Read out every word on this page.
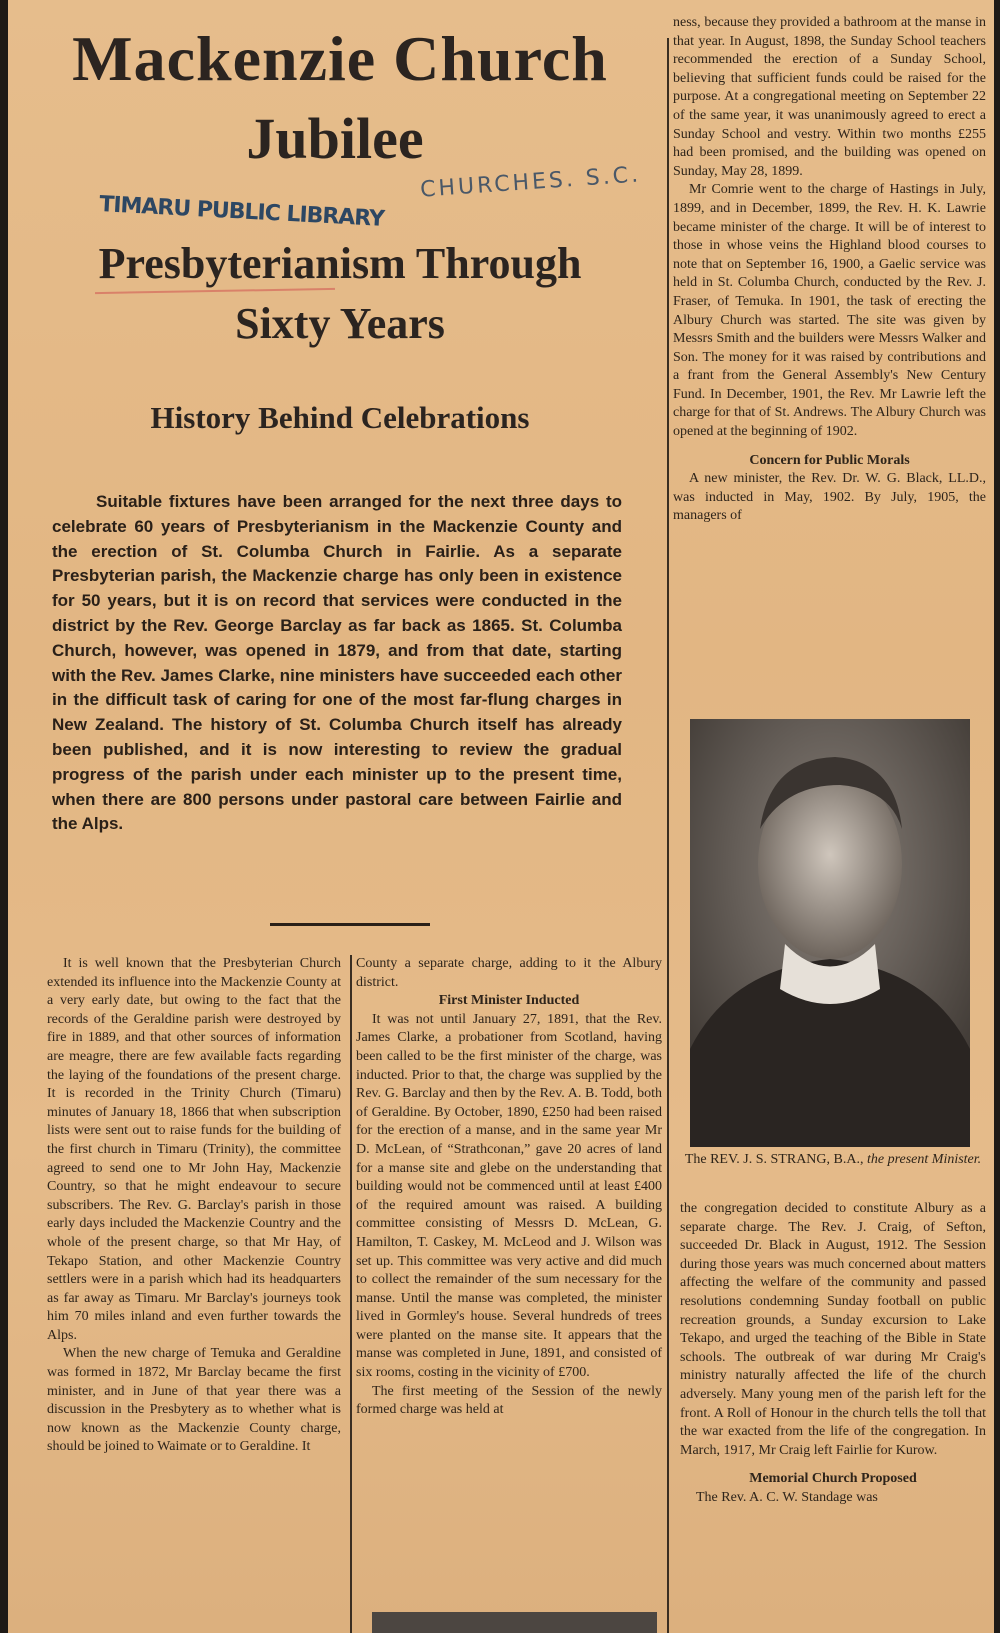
Mackenzie Church
Jubilee
TIMARU PUBLIC LIBRARY
CHURCHES. S.C.
Presbyterianism Through
Sixty Years
History Behind Celebrations
Suitable fixtures have been arranged for the next three days to celebrate 60 years of Presbyterianism in the Mackenzie County and the erection of St. Columba Church in Fairlie. As a separate Presbyterian parish, the Mackenzie charge has only been in existence for 50 years, but it is on record that services were conducted in the district by the Rev. George Barclay as far back as 1865. St. Columba Church, however, was opened in 1879, and from that date, starting with the Rev. James Clarke, nine ministers have succeeded each other in the difficult task of caring for one of the most far-flung charges in New Zealand. The history of St. Columba Church itself has already been published, and it is now interesting to review the gradual progress of the parish under each minister up to the present time, when there are 800 persons under pastoral care between Fairlie and the Alps.

It is well known that the Presbyterian Church extended its influence into the Mackenzie County at a very early date, but owing to the fact that the records of the Geraldine parish were destroyed by fire in 1889, and that other sources of information are meagre, there are few available facts regarding the laying of the foundations of the present charge. It is recorded in the Trinity Church (Timaru) minutes of January 18, 1866 that when subscription lists were sent out to raise funds for the building of the first church in Timaru (Trinity), the committee agreed to send one to Mr John Hay, Mackenzie Country, so that he might endeavour to secure subscribers. The Rev. G. Barclay's parish in those early days included the Mackenzie Country and the whole of the present charge, so that Mr Hay, of Tekapo Station, and other Mackenzie Country settlers were in a parish which had its headquarters as far away as Timaru. Mr Barclay's journeys took him 70 miles inland and even further towards the Alps.

When the new charge of Temuka and Geraldine was formed in 1872, Mr Barclay became the first minister, and in June of that year there was a discussion in the Presbytery as to whether what is now known as the Mackenzie County charge, should be joined to Waimate or to Geraldine. It

County a separate charge, adding to it the Albury district.

First Minister Inducted

It was not until January 27, 1891, that the Rev. James Clarke, a probationer from Scotland, having been called to be the first minister of the charge, was inducted. Prior to that, the charge was supplied by the Rev. G. Barclay and then by the Rev. A. B. Todd, both of Geraldine. By October, 1890, £250 had been raised for the erection of a manse, and in the same year Mr D. McLean, of “Strathconan,” gave 20 acres of land for a manse site and glebe on the understanding that building would not be commenced until at least £400 of the required amount was raised. A building committee consisting of Messrs D. McLean, G. Hamilton, T. Caskey, M. McLeod and J. Wilson was set up. This committee was very active and did much to collect the remainder of the sum necessary for the manse. Until the manse was completed, the minister lived in Gormley's house. Several hundreds of trees were planted on the manse site. It appears that the manse was completed in June, 1891, and consisted of six rooms, costing in the vicinity of £700.

The first meeting of the Session of the newly formed charge was held at

ness, because they provided a bathroom at the manse in that year. In August, 1898, the Sunday School teachers recommended the erection of a Sunday School, believing that sufficient funds could be raised for the purpose. At a congregational meeting on September 22 of the same year, it was unanimously agreed to erect a Sunday School and vestry. Within two months £255 had been promised, and the building was opened on Sunday, May 28, 1899.

Mr Comrie went to the charge of Hastings in July, 1899, and in December, 1899, the Rev. H. K. Lawrie became minister of the charge. It will be of interest to those in whose veins the Highland blood courses to note that on September 16, 1900, a Gaelic service was held in St. Columba Church, conducted by the Rev. J. Fraser, of Temuka. In 1901, the task of erecting the Albury Church was started. The site was given by Messrs Smith and the builders were Messrs Walker and Son. The money for it was raised by contributions and a frant from the General Assembly's New Century Fund. In December, 1901, the Rev. Mr Lawrie left the charge for that of St. Andrews. The Albury Church was opened at the beginning of 1902.

Concern for Public Morals

A new minister, the Rev. Dr. W. G. Black, LL.D., was inducted in May, 1902. By July, 1905, the managers of

The REV. J. S. STRANG, B.A., the present Minister.

the congregation decided to constitute Albury as a separate charge. The Rev. J. Craig, of Sefton, succeeded Dr. Black in August, 1912. The Session during those years was much concerned about matters affecting the welfare of the community and passed resolutions condemning Sunday football on public recreation grounds, a Sunday excursion to Lake Tekapo, and urged the teaching of the Bible in State schools. The outbreak of war during Mr Craig's ministry naturally affected the life of the church adversely. Many young men of the parish left for the front. A Roll of Honour in the church tells the toll that the war exacted from the life of the congregation. In March, 1917, Mr Craig left Fairlie for Kurow.

Memorial Church Proposed

The Rev. A. C. W. Standage was
